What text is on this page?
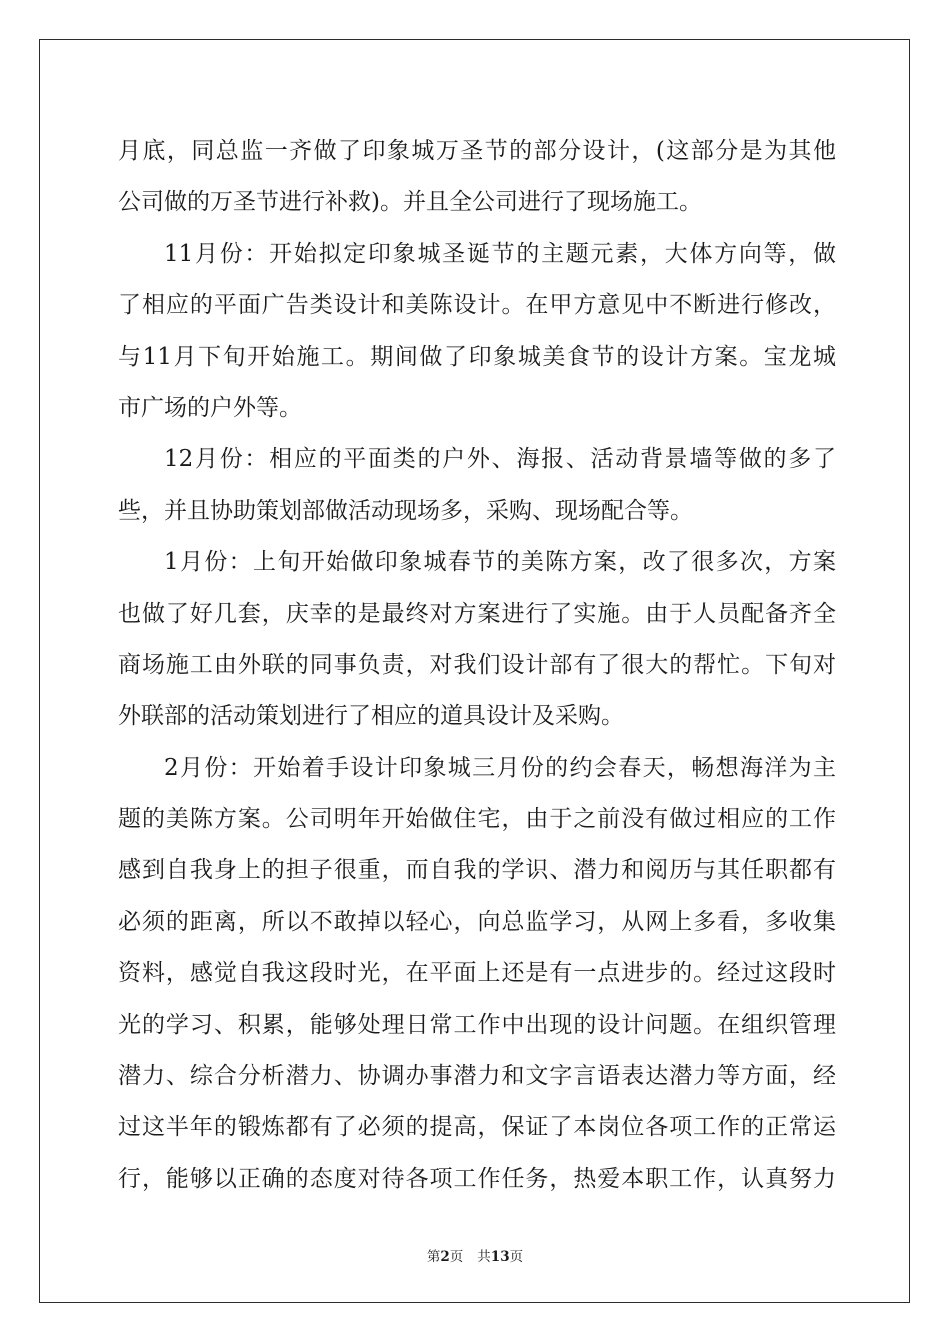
月底，同总监一齐做了印象城万圣节的部分设计，(这部分是为其他
公司做的万圣节进行补救)。并且全公司进行了现场施工。
11月份：开始拟定印象城圣诞节的主题元素，大体方向等，做
了相应的平面广告类设计和美陈设计。在甲方意见中不断进行修改，
与11月下旬开始施工。期间做了印象城美食节的设计方案。宝龙城
市广场的户外等。
12月份：相应的平面类的户外、海报、活动背景墙等做的多了
些，并且协助策划部做活动现场多，采购、现场配合等。
1月份：上旬开始做印象城春节的美陈方案，改了很多次，方案
也做了好几套，庆幸的是最终对方案进行了实施。由于人员配备齐全
商场施工由外联的同事负责，对我们设计部有了很大的帮忙。下旬对
外联部的活动策划进行了相应的道具设计及采购。
2月份：开始着手设计印象城三月份的约会春天，畅想海洋为主
题的美陈方案。公司明年开始做住宅，由于之前没有做过相应的工作
感到自我身上的担子很重，而自我的学识、潜力和阅历与其任职都有
必须的距离，所以不敢掉以轻心，向总监学习，从网上多看，多收集
资料，感觉自我这段时光，在平面上还是有一点进步的。经过这段时
光的学习、积累，能够处理日常工作中出现的设计问题。在组织管理
潜力、综合分析潜力、协调办事潜力和文字言语表达潜力等方面，经
过这半年的锻炼都有了必须的提高，保证了本岗位各项工作的正常运
行，能够以正确的态度对待各项工作任务，热爱本职工作，认真努力
第2页 共13页
